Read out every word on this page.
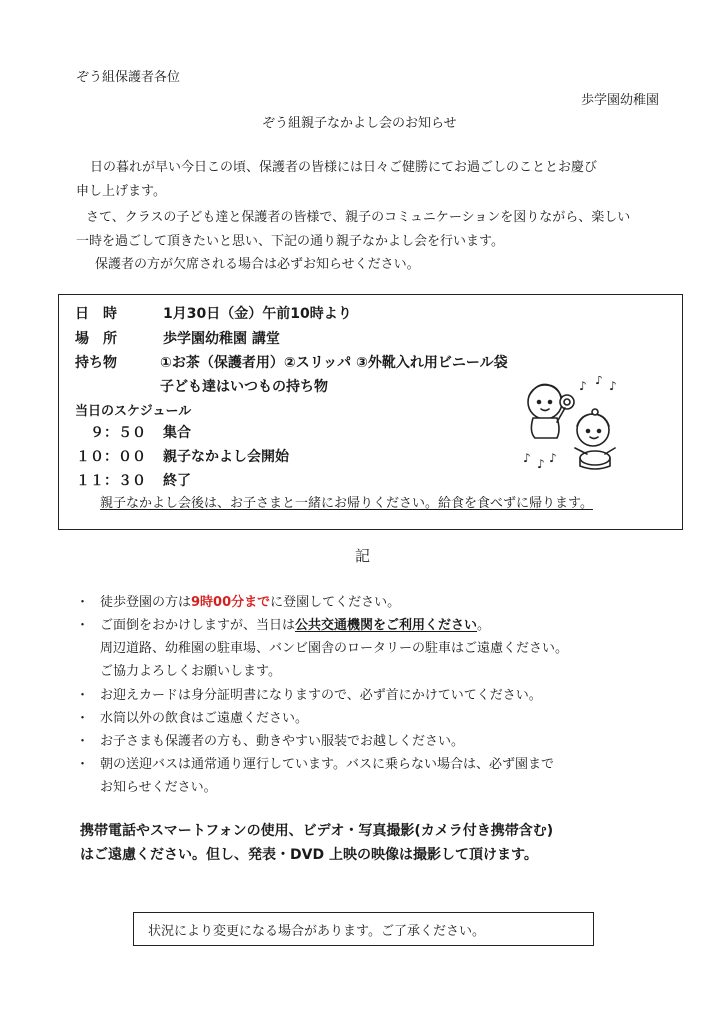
ぞう組保護者各位
歩学園幼稚園
ぞう組親子なかよし会のお知らせ
日の暮れが早い今日この頃、保護者の皆様には日々ご健勝にてお過ごしのこととお慶び
申し上げます。
さて、クラスの子ども達と保護者の皆様で、親子のコミュニケーションを図りながら、楽しい
一時を過ごして頂きたいと思い、下記の通り親子なかよし会を行います。
保護者の方が欠席される場合は必ずお知らせください。
日　時	1月30日（金）午前10時より
場　所	歩学園幼稚園 講堂
持ち物	①お茶（保護者用）②スリッパ ③外靴入れ用ビニール袋
子ども達はいつもの持ち物
当日のスケジュール
９：５０ 集合
１０：００ 親子なかよし会開始
１１：３０ 終了
親子なかよし会後は、お子さまと一緒にお帰りください。給食を食べずに帰ります。
♪ ♪ ♪
♪ ♪ ♪
記
・ 徒歩登園の方は9時00分までに登園してください。
・ ご面倒をおかけしますが、当日は公共交通機関をご利用ください。
周辺道路、幼稚園の駐車場、バンビ園舎のロータリーの駐車はご遠慮ください。
ご協力よろしくお願いします。
・ お迎えカードは身分証明書になりますので、必ず首にかけていてください。
・ 水筒以外の飲食はご遠慮ください。
・ お子さまも保護者の方も、動きやすい服装でお越しください。
・ 朝の送迎バスは通常通り運行しています。バスに乗らない場合は、必ず園まで
お知らせください。
携帯電話やスマートフォンの使用、ビデオ・写真撮影(カメラ付き携帯含む)
はご遠慮ください。但し、発表・DVD 上映の映像は撮影して頂けます。
状況により変更になる場合があります。ご了承ください。
